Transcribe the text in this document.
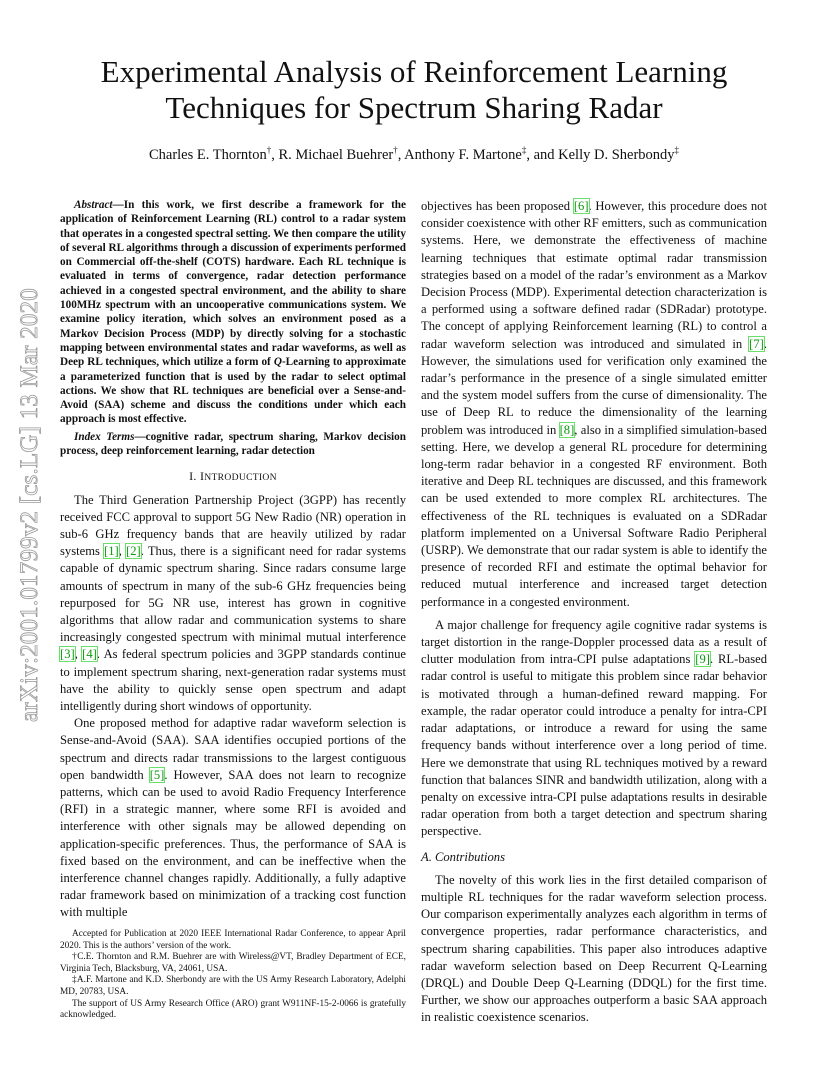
Experimental Analysis of Reinforcement Learning
Techniques for Spectrum Sharing Radar
Charles E. Thornton†, R. Michael Buehrer†, Anthony F. Martone‡, and Kelly D. Sherbondy‡
arXiv:2001.01799v2 [cs.LG] 13 Mar 2020

Abstract—In this work, we first describe a framework for the application of Reinforcement Learning (RL) control to a radar system that operates in a congested spectral setting. We then compare the utility of several RL algorithms through a discussion of experiments performed on Commercial off-the-shelf (COTS) hardware. Each RL technique is evaluated in terms of convergence, radar detection performance achieved in a congested spectral environment, and the ability to share 100MHz spectrum with an uncooperative communications system. We examine policy iteration, which solves an environment posed as a Markov Decision Process (MDP) by directly solving for a stochastic mapping between environmental states and radar waveforms, as well as Deep RL techniques, which utilize a form of Q-Learning to approximate a parameterized function that is used by the radar to select optimal actions. We show that RL techniques are beneficial over a Sense-and-Avoid (SAA) scheme and discuss the conditions under which each approach is most effective.

Index Terms—cognitive radar, spectrum sharing, Markov decision process, deep reinforcement learning, radar detection

I. INTRODUCTION

The Third Generation Partnership Project (3GPP) has recently received FCC approval to support 5G New Radio (NR) operation in sub-6 GHz frequency bands that are heavily utilized by radar systems [1], [2]. Thus, there is a significant need for radar systems capable of dynamic spectrum sharing. Since radars consume large amounts of spectrum in many of the sub-6 GHz frequencies being repurposed for 5G NR use, interest has grown in cognitive algorithms that allow radar and communication systems to share increasingly congested spectrum with minimal mutual interference [3], [4]. As federal spectrum policies and 3GPP standards continue to implement spectrum sharing, next-generation radar systems must have the ability to quickly sense open spectrum and adapt intelligently during short windows of opportunity.

One proposed method for adaptive radar waveform selection is Sense-and-Avoid (SAA). SAA identifies occupied portions of the spectrum and directs radar transmissions to the largest contiguous open bandwidth [5]. However, SAA does not learn to recognize patterns, which can be used to avoid Radio Frequency Interference (RFI) in a strategic manner, where some RFI is avoided and interference with other signals may be allowed depending on application-specific preferences. Thus, the performance of SAA is fixed based on the environment, and can be ineffective when the interference channel changes rapidly. Additionally, a fully adaptive radar framework based on minimization of a tracking cost function with multiple

Accepted for Publication at 2020 IEEE International Radar Conference, to appear April 2020. This is the authors’ version of the work.

†C.E. Thornton and R.M. Buehrer are with Wireless@VT, Bradley Department of ECE, Virginia Tech, Blacksburg, VA, 24061, USA.

‡A.F. Martone and K.D. Sherbondy are with the US Army Research Laboratory, Adelphi MD, 20783, USA.

The support of US Army Research Office (ARO) grant W911NF-15-2-0066 is gratefully acknowledged.

objectives has been proposed [6]. However, this procedure does not consider coexistence with other RF emitters, such as communication systems. Here, we demonstrate the effectiveness of machine learning techniques that estimate optimal radar transmission strategies based on a model of the radar’s environment as a Markov Decision Process (MDP). Experimental detection characterization is a performed using a software defined radar (SDRadar) prototype. The concept of applying Reinforcement learning (RL) to control a radar waveform selection was introduced and simulated in [7]. However, the simulations used for verification only examined the radar’s performance in the presence of a single simulated emitter and the system model suffers from the curse of dimensionality. The use of Deep RL to reduce the dimensionality of the learning problem was introduced in [8], also in a simplified simulation-based setting. Here, we develop a general RL procedure for determining long-term radar behavior in a congested RF environment. Both iterative and Deep RL techniques are discussed, and this framework can be used extended to more complex RL architectures. The effectiveness of the RL techniques is evaluated on a SDRadar platform implemented on a Universal Software Radio Peripheral (USRP). We demonstrate that our radar system is able to identify the presence of recorded RFI and estimate the optimal behavior for reduced mutual interference and increased target detection performance in a congested environment.

A major challenge for frequency agile cognitive radar systems is target distortion in the range-Doppler processed data as a result of clutter modulation from intra-CPI pulse adaptations [9]. RL-based radar control is useful to mitigate this problem since radar behavior is motivated through a human-defined reward mapping. For example, the radar operator could introduce a penalty for intra-CPI radar adaptations, or introduce a reward for using the same frequency bands without interference over a long period of time. Here we demonstrate that using RL techniques motived by a reward function that balances SINR and bandwidth utilization, along with a penalty on excessive intra-CPI pulse adaptations results in desirable radar operation from both a target detection and spectrum sharing perspective.

A. Contributions

The novelty of this work lies in the first detailed comparison of multiple RL techniques for the radar waveform selection process. Our comparison experimentally analyzes each algorithm in terms of convergence properties, radar performance characteristics, and spectrum sharing capabilities. This paper also introduces adaptive radar waveform selection based on Deep Recurrent Q-Learning (DRQL) and Double Deep Q-Learning (DDQL) for the first time. Further, we show our approaches outperform a basic SAA approach in realistic coexistence scenarios.
